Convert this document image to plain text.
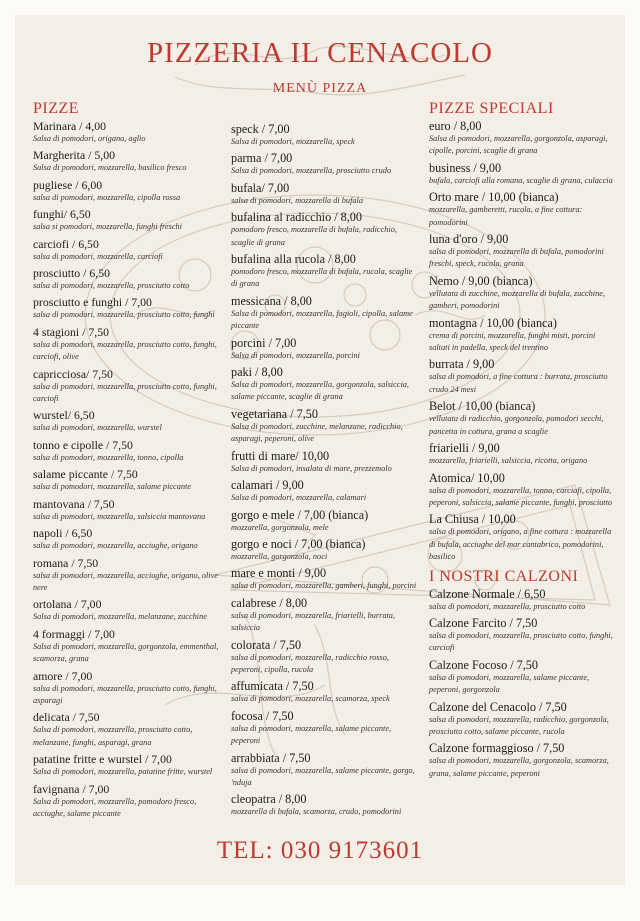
PIZZERIA IL CENACOLO
MENÙ PIZZA
PIZZE
Marinara / 4,00
Salsa di pomodori, origano, aglio
Margherita / 5,00
Salsa di pomodori, mozzarella, basilico fresco
pugliese / 6,00
salsa di pomodori, mozzarella, cipolla rossa
funghi/ 6,50
salsa si pomodori, mozzarella, funghi freschi
carciofi / 6,50
salsa di pomodori, mozzarella, carciofi
prosciutto / 6,50
salsa di pomodori, mozzarella, prosciutto cotto
prosciutto e funghi / 7,00
salsa di pomodori, mozzarella, prosciutto cotto, funghi
4 stagioni / 7,50
salsa di pomodori, mozzarella, prosciutto cotto, funghi, carciofi, olive
capricciosa/ 7,50
salsa di pomodori, mozzarella, prosciutto cotto, funghi, carciofi
wurstel/ 6,50
salsa di pomodori, mozzarella, wurstel
tonno e cipolle / 7,50
salsa di pomodori, mozzarella, tonno, cipolla
salame piccante / 7,50
salsa di pomodori, mozzarella, salame piccante
mantovana / 7,50
salsa di pomodori, mozzarella, salsiccia mantovana
napoli / 6,50
salsa di pomodori, mozzarella, acciughe, origano
romana / 7,50
salsa di pomodori, mozzarella, acciughe, origano, olive nere
ortolana / 7,00
Salsa di pomodori, mozzarella, melanzane, zucchine
4 formaggi / 7,00
Salsa di pomodori, mozzarella, gorgonzola, emmenthal, scamorza, grana
amore / 7,00
salsa di pomodori, mozzarella, prosciutto cotto, funghi, asparagi
delicata / 7,50
Salsa di pomodori, mozzarella, prosciutto cotto, melanzane, funghi, asparagi, grana
patatine fritte e wurstel / 7,00
Salsa di pomodori, mozzarella, patatine fritte, wurstel
favignana / 7,00
Salsa di pomodori, mozzarella, pomodoro fresco, acciughe, salame piccante
speck / 7,00
Salsa di pomodori, mozzarella, speck
parma / 7,00
Salsa di pomodori, mozzarella, prosciutto crudo
bufala/ 7,00
salsa di pomodori, mozzarella di bufala
bufalina al radicchio / 8,00
pomodoro fresco, mozzarella di bufala, radicchio, scaglie di grana
bufalina alla rucola / 8,00
pomodoro fresco, mozzarella di bufala, rucola, scaglie di grana
messicana / 8,00
Salsa di pomodori, mozzarella, fagioli, cipolla, salame piccante
porcini / 7,00
Salsa di pomodori, mozzarella, porcini
paki / 8,00
Salsa di pomodori, mozzarella, gorgonzola, salsiccia, salame piccante, scaglie di grana
vegetariana / 7,50
Salsa di pomodori, zucchine, melanzane, radicchio, asparagi, peperoni, olive
frutti di mare/ 10,00
Salsa di pomodori, insalata di mare, prezzemolo
calamari / 9,00
Salsa di pomodori, mozzarella, calamari
gorgo e mele / 7,00 (bianca)
mozzarella, gorgonzola, mele
gorgo e noci / 7,00 (bianca)
mozzarella, gorgonzola, noci
mare e monti / 9,00
salsa di pomodori, mozzarella, gamberi, funghi, porcini
calabrese / 8,00
salsa di pomodori, mozzarella, friarielli, burrata, salsiccia
colorata / 7,50
salsa di pomodori, mozzarella, radicchio rosso, peperoni, cipolla, rucola
affumicata / 7,50
salsa di pomodori, mozzarella, scamorza, speck
focosa / 7,50
salsa di pomodori, mozzarella, salame piccante, peperoni
arrabbiata / 7,50
salsa di pomodori, mozzarella, salame piccante, gorgo, 'nduja
cleopatra / 8,00
mozzarella di bufala, scamorza, crudo, pomodorini
PIZZE SPECIALI
euro / 8,00
Salsa di pomodori, mozzarella, gorgonzola, asparagi, cipolle, porcini, scaglie di grana
business / 9,00
bufala, carciofi alla romana, scaglie di grana, culaccia
Orto mare / 10,00 (bianca)
mozzarella, gamberetti, rucola, a fine cottura: pomodorini
luna d'oro / 9,00
salsa di pomodori, mozzarella di bufala, pomodorini freschi, speck, rucola, grana
Nemo / 9,00 (bianca)
vellutata di zucchine, mozzarella di bufala, zucchine, gamberi, pomodorini
montagna / 10,00 (bianca)
crema di porcini, mozzarella, funghi misti, porcini saltati in padella, speck del trentino
burrata / 9,00
salsa di pomodori, a fine cottura : burrata, prosciutto crudo 24 mesi
Belot / 10,00 (bianca)
vellutata di radicchio, gorgonzola, pomodori secchi, pancetta in cottura, grana a scaglie
friarielli / 9,00
mozzarella, friarielli, salsiccia, ricotta, origano
Atomica/ 10,00
salsa di pomodori, mozzarella, tonno, carciofi, cipolla, peperoni, salsiccia, salame piccante, funghi, prosciutto
La Chiusa / 10,00
salsa di pomodori, origano, a fine cottura : mozzarella di bufala, acciughe del mar cantabrico, pomodorini, basilico
I NOSTRI CALZONI
Calzone Normale / 6,50
salsa di pomodori, mozzarella, prosciutto cotto
Calzone Farcito / 7,50
salsa di pomodori, mozzarella, prosciutto cotto, funghi, carciofi
Calzone Focoso / 7,50
salsa di pomodori, mozzarella, salame piccante, peperoni, gorgonzola
Calzone del Cenacolo / 7,50
salsa di pomodori, mozzarella, radicchio, gorgonzola, prosciutto cotto, salame piccante, rucola
Calzone formaggioso / 7,50
salsa di pomodori, mozzarella, gorgonzola, scamorza, grana, salame piccante, peperoni
TEL: 030 9173601
